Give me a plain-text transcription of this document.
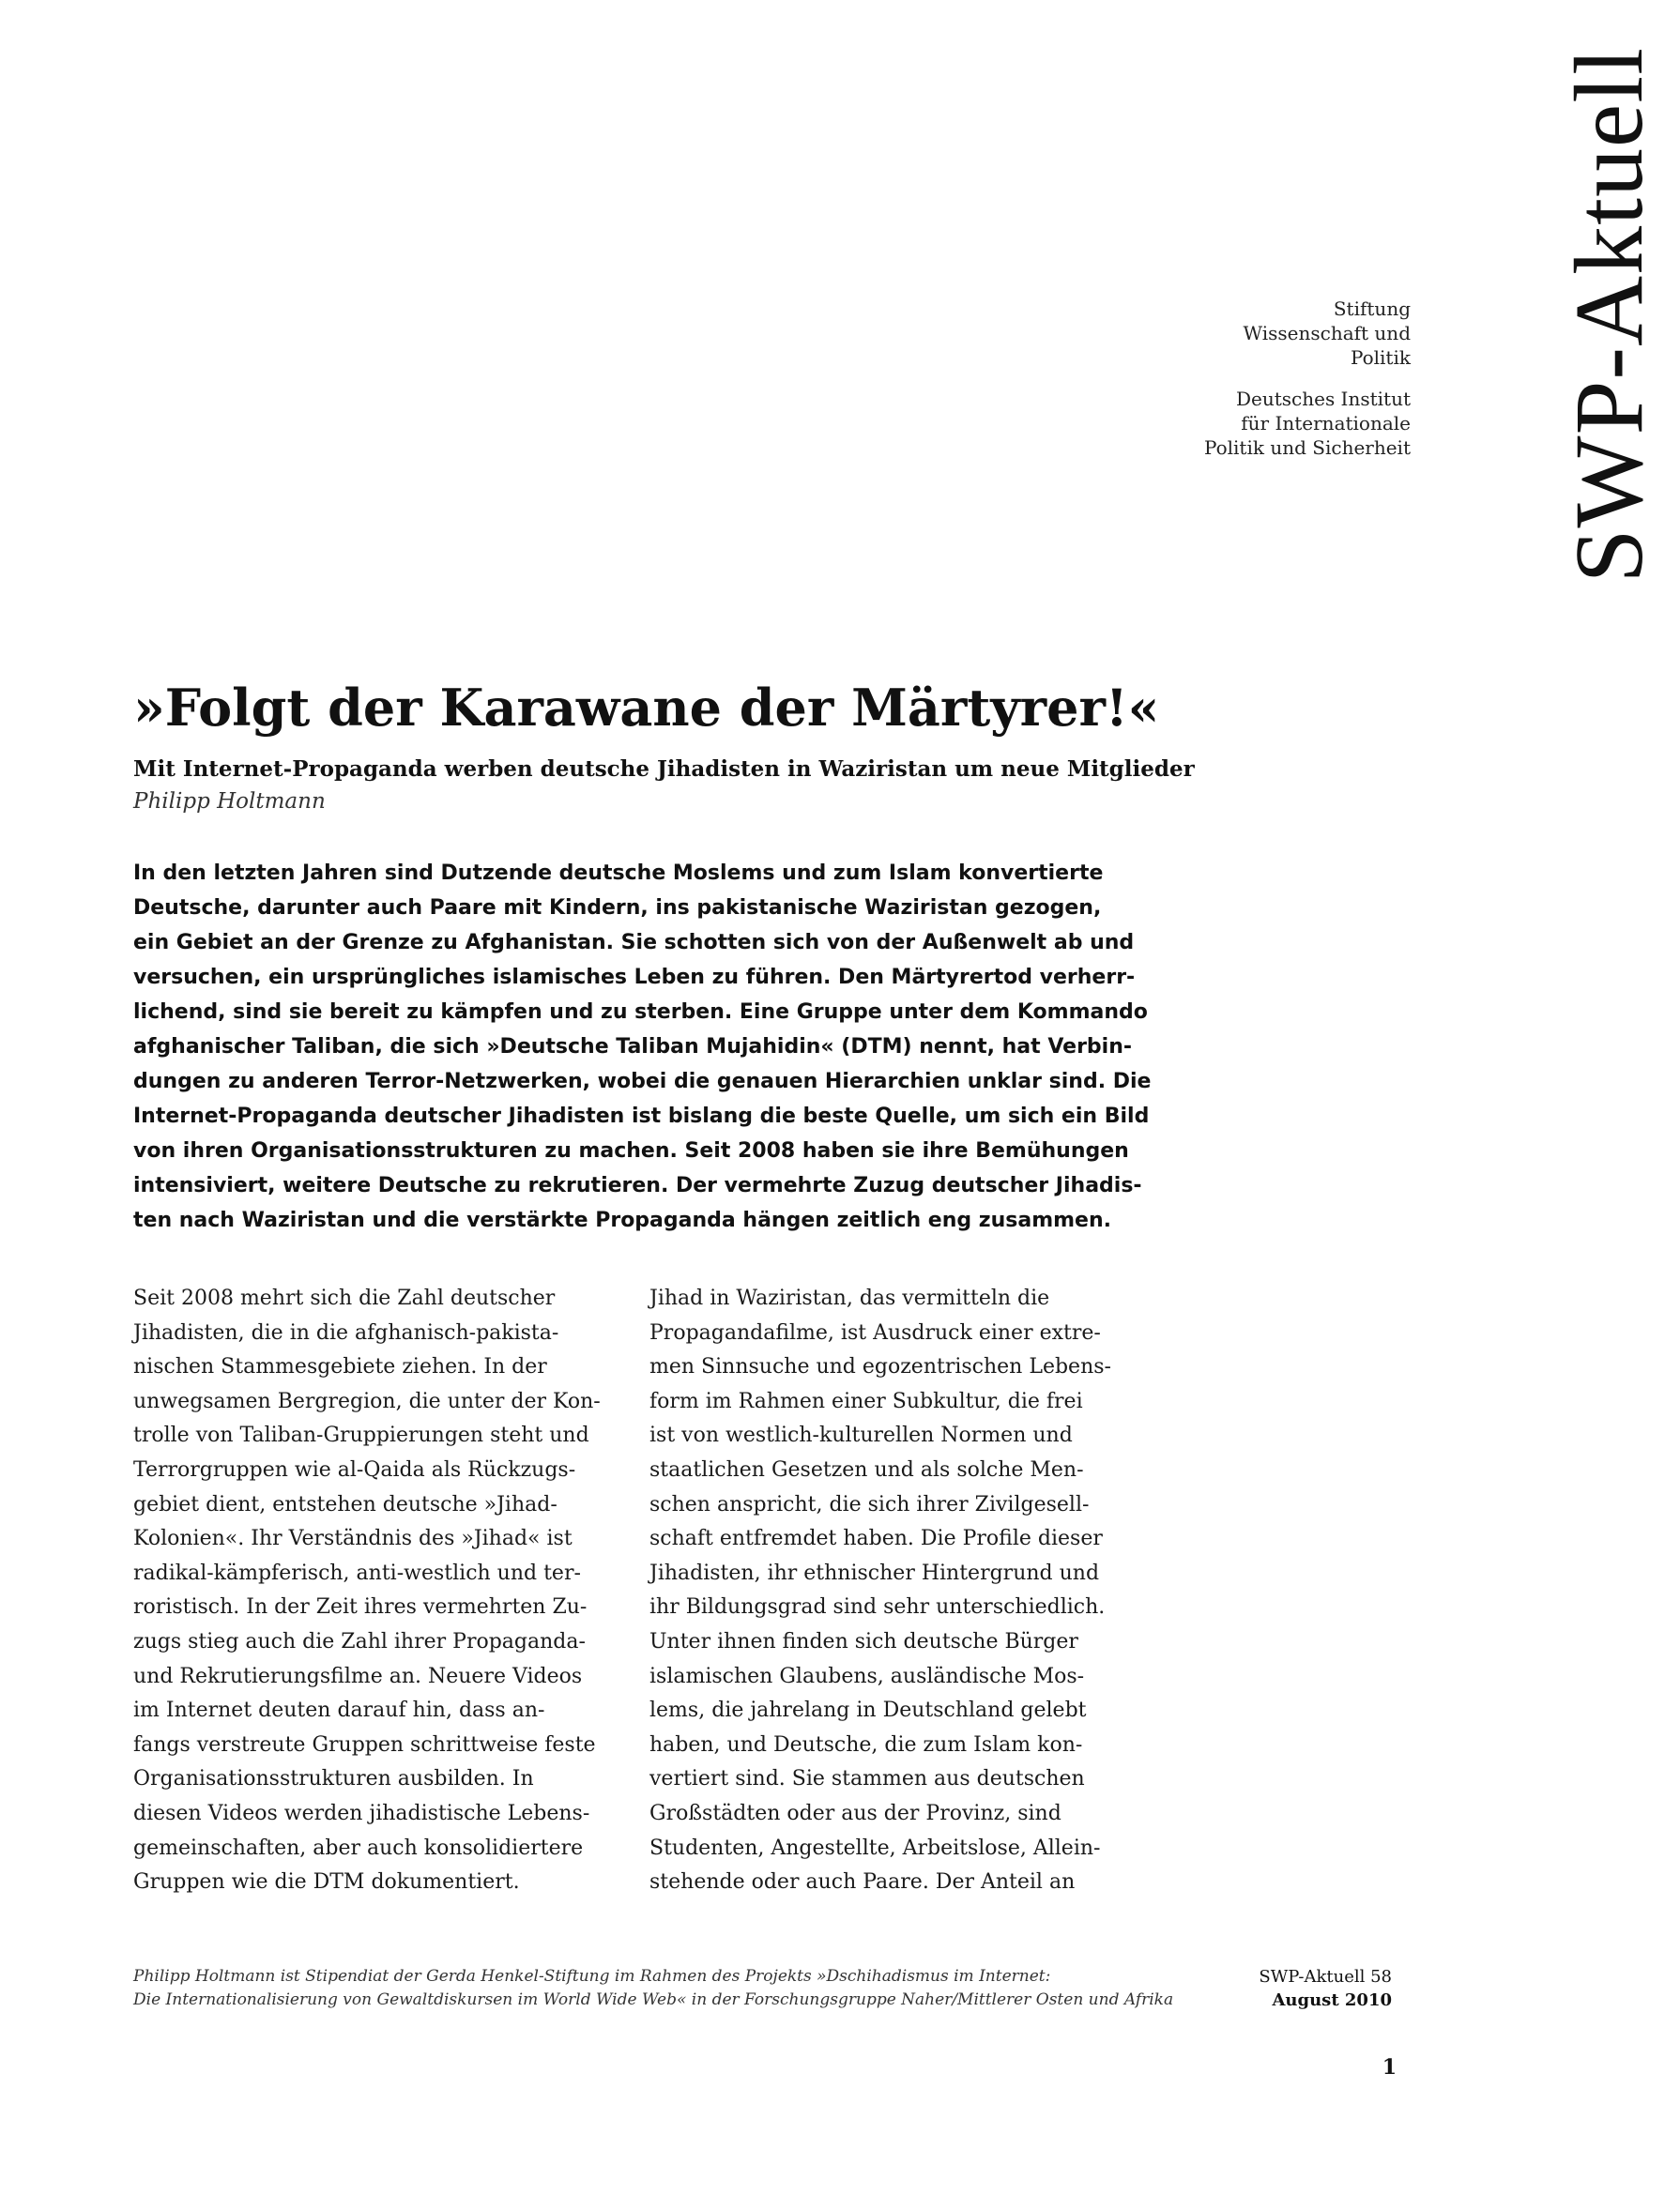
SWP-Aktuell
Stiftung
Wissenschaft und
Politik
Deutsches Institut
für Internationale
Politik und Sicherheit
»Folgt der Karawane der Märtyrer!«
Mit Internet-Propaganda werben deutsche Jihadisten in Waziristan um neue Mitglieder
Philipp Holtmann
In den letzten Jahren sind Dutzende deutsche Moslems und zum Islam konvertierte
Deutsche, darunter auch Paare mit Kindern, ins pakistanische Waziristan gezogen,
ein Gebiet an der Grenze zu Afghanistan. Sie schotten sich von der Außenwelt ab und
versuchen, ein ursprüngliches islamisches Leben zu führen. Den Märtyrertod verherr-
lichend, sind sie bereit zu kämpfen und zu sterben. Eine Gruppe unter dem Kommando
afghanischer Taliban, die sich »Deutsche Taliban Mujahidin« (DTM) nennt, hat Verbin-
dungen zu anderen Terror-Netzwerken, wobei die genauen Hierarchien unklar sind. Die
Internet-Propaganda deutscher Jihadisten ist bislang die beste Quelle, um sich ein Bild
von ihren Organisationsstrukturen zu machen. Seit 2008 haben sie ihre Bemühungen
intensiviert, weitere Deutsche zu rekrutieren. Der vermehrte Zuzug deutscher Jihadis-
ten nach Waziristan und die verstärkte Propaganda hängen zeitlich eng zusammen.
Seit 2008 mehrt sich die Zahl deutscher
Jihadisten, die in die afghanisch-pakista-
nischen Stammesgebiete ziehen. In der
unwegsamen Bergregion, die unter der Kon-
trolle von Taliban-Gruppierungen steht und
Terrorgruppen wie al-Qaida als Rückzugs-
gebiet dient, entstehen deutsche »Jihad-
Kolonien«. Ihr Verständnis des »Jihad« ist
radikal-kämpferisch, anti-westlich und ter-
roristisch. In der Zeit ihres vermehrten Zu-
zugs stieg auch die Zahl ihrer Propaganda-
und Rekrutierungsfilme an. Neuere Videos
im Internet deuten darauf hin, dass an-
fangs verstreute Gruppen schrittweise feste
Organisationsstrukturen ausbilden. In
diesen Videos werden jihadistische Lebens-
gemeinschaften, aber auch konsolidiertere
Gruppen wie die DTM dokumentiert.
Jihad in Waziristan, das vermitteln die
Propagandafilme, ist Ausdruck einer extre-
men Sinnsuche und egozentrischen Lebens-
form im Rahmen einer Subkultur, die frei
ist von westlich-kulturellen Normen und
staatlichen Gesetzen und als solche Men-
schen anspricht, die sich ihrer Zivilgesell-
schaft entfremdet haben. Die Profile dieser
Jihadisten, ihr ethnischer Hintergrund und
ihr Bildungsgrad sind sehr unterschiedlich.
Unter ihnen finden sich deutsche Bürger
islamischen Glaubens, ausländische Mos-
lems, die jahrelang in Deutschland gelebt
haben, und Deutsche, die zum Islam kon-
vertiert sind. Sie stammen aus deutschen
Großstädten oder aus der Provinz, sind
Studenten, Angestellte, Arbeitslose, Allein-
stehende oder auch Paare. Der Anteil an
Philipp Holtmann ist Stipendiat der Gerda Henkel-Stiftung im Rahmen des Projekts »Dschihadismus im Internet:
Die Internationalisierung von Gewaltdiskursen im World Wide Web« in der Forschungsgruppe Naher/Mittlerer Osten und Afrika
SWP-Aktuell 58
August 2010
1
